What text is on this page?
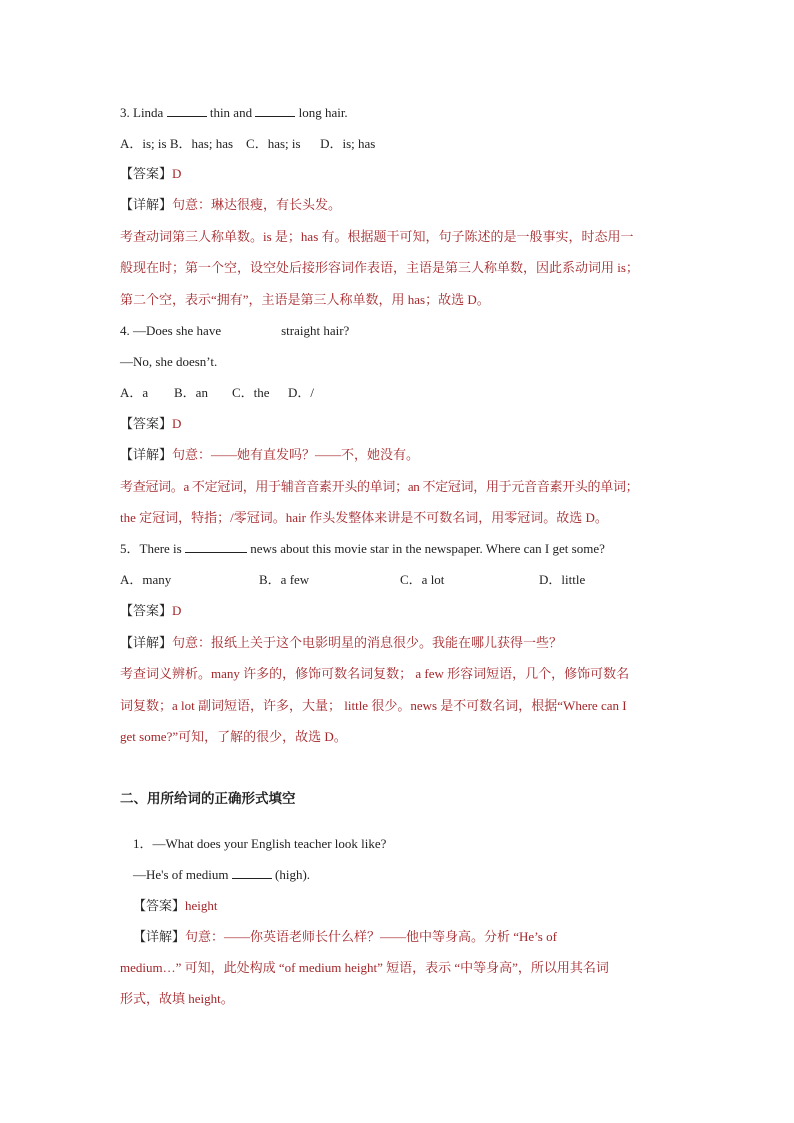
3. Linda	thin and	long hair.
A．is; is B．has; has    C．has; is      D．is; has
【答案】D
【详解】句意：琳达很瘦，有长头发。
考查动词第三人称单数。is 是；has 有。根据题干可知，句子陈述的是一般事实，时态用一
般现在时；第一个空，设空处后接形容词作表语，主语是第三人称单数，因此系动词用 is；
第二个空，表示“拥有”，主语是第三人称单数，用 has；故选 D。
4. —Does she have	straight hair?
—No, she doesn’t.
A．a B．an C．the D．/
【答案】D
【详解】句意：——她有直发吗？——不，她没有。
考查冠词。a 不定冠词，用于辅音音素开头的单词；an 不定冠词，用于元音音素开头的单词；
the 定冠词，特指；/零冠词。hair 作头发整体来讲是不可数名词，用零冠词。故选 D。
5．There is	news about this movie star in the newspaper. Where can I get some?
A．many	B．a few	C．a lot	D．little
【答案】D
【详解】句意：报纸上关于这个电影明星的消息很少。我能在哪儿获得一些？
考查词义辨析。many 许多的，修饰可数名词复数； a few 形容词短语，几个，修饰可数名
词复数；a lot 副词短语，许多，大量； little 很少。news 是不可数名词，根据“Where can I
get some?”可知，了解的很少，故选 D。
二、用所给词的正确形式填空
1．—What does your English teacher look like?
—He's of medium	(high).
【答案】height
【详解】句意：——你英语老师长什么样？——他中等身高。分析 “He’s of
medium…” 可知，此处构成 “of medium height” 短语，表示 “中等身高”，所以用其名词
形式，故填 height。
